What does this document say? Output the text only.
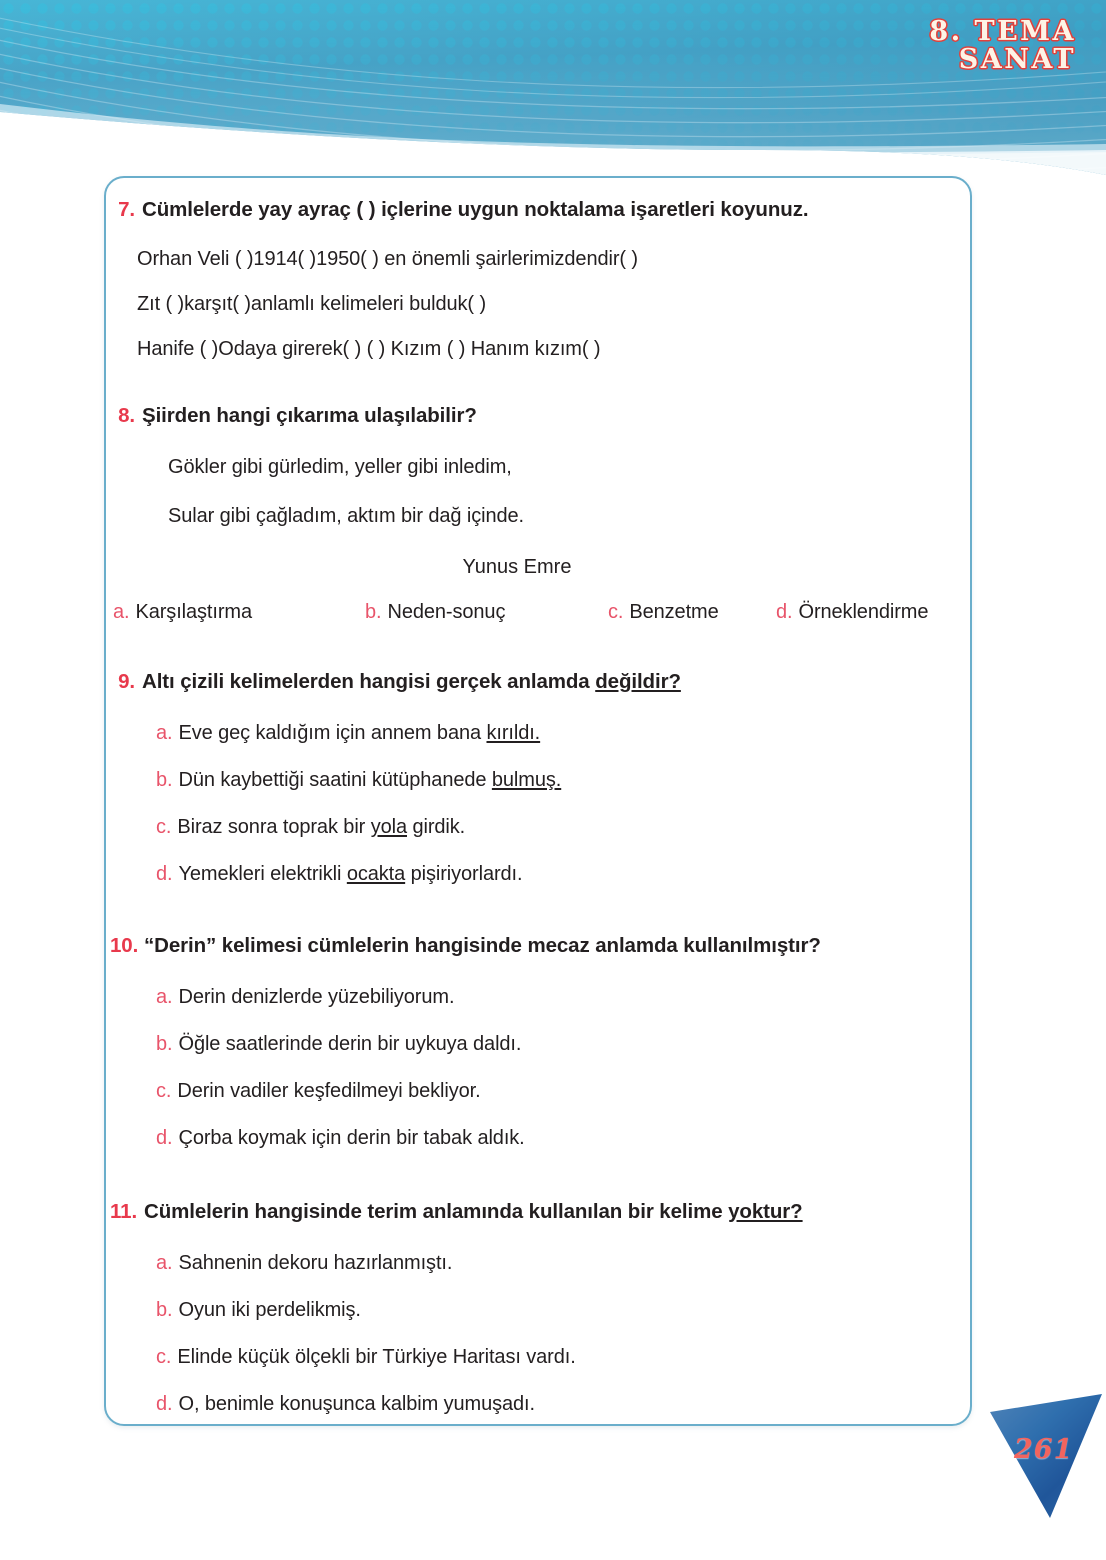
8. TEMA
SANAT
7. Cümlelerde yay ayraç ( ) içlerine uygun noktalama işaretleri koyunuz.
Orhan Veli ( )1914( )1950( ) en önemli şairlerimizdendir( )
Zıt ( )karşıt( )anlamlı kelimeleri bulduk( )
Hanife ( )Odaya girerek( ) ( ) Kızım ( ) Hanım kızım( )
8. Şiirden hangi çıkarıma ulaşılabilir?
Gökler gibi gürledim, yeller gibi inledim,
Sular gibi çağladım, aktım bir dağ içinde.
Yunus Emre
a. Karşılaştırma	b. Neden-sonuç	c. Benzetme	d. Örneklendirme
9. Altı çizili kelimelerden hangisi gerçek anlamda değildir?
a. Eve geç kaldığım için annem bana kırıldı.
b. Dün kaybettiği saatini kütüphanede bulmuş.
c. Biraz sonra toprak bir yola girdik.
d. Yemekleri elektrikli ocakta pişiriyorlardı.
10. “Derin” kelimesi cümlelerin hangisinde mecaz anlamda kullanılmıştır?
a. Derin denizlerde yüzebiliyorum.
b. Öğle saatlerinde derin bir uykuya daldı.
c. Derin vadiler keşfedilmeyi bekliyor.
d. Çorba koymak için derin bir tabak aldık.
11. Cümlelerin hangisinde terim anlamında kullanılan bir kelime yoktur?
a. Sahnenin dekoru hazırlanmıştı.
b. Oyun iki perdelikmiş.
c. Elinde küçük ölçekli bir Türkiye Haritası vardı.
d. O, benimle konuşunca kalbim yumuşadı.
261
